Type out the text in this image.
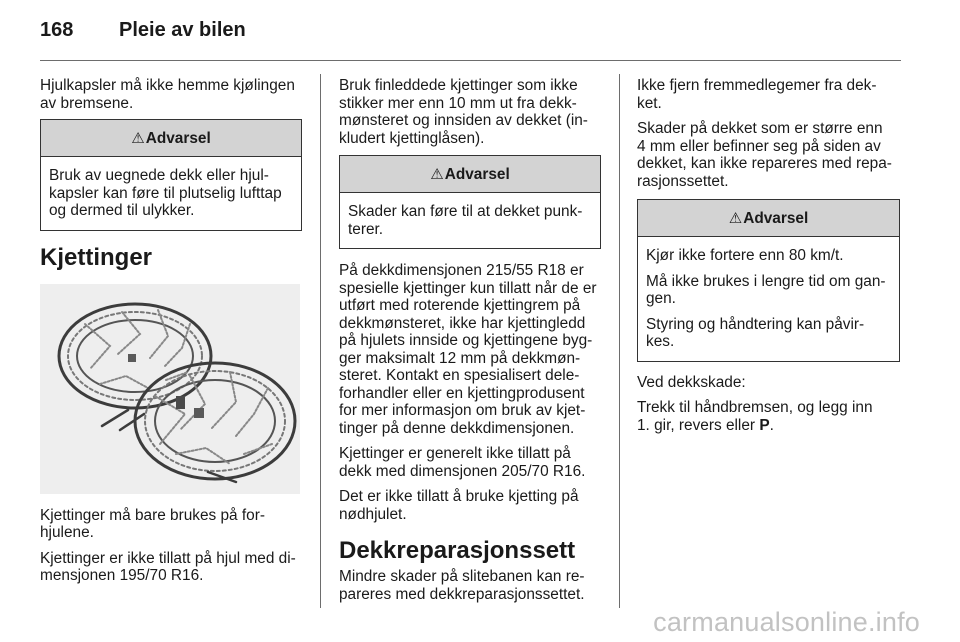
168 Pleie av bilen

Hjulkapsler må ikke hemme kjølingen
av bremsene.

⚠Advarsel

Bruk av uegnede dekk eller hjul-
kapsler kan føre til plutselig lufttap
og dermed til ulykker.

Kjettinger

Kjettinger må bare brukes på for-
hjulene.

Kjettinger er ikke tillatt på hjul med di-
mensjonen 195/70 R16.

Bruk finleddede kjettinger som ikke
stikker mer enn 10 mm ut fra dekk-
mønsteret og innsiden av dekket (in-
kludert kjettinglåsen).

⚠Advarsel

Skader kan føre til at dekket punk-
terer.

På dekkdimensjonen 215/55 R18 er
spesielle kjettinger kun tillatt når de er
utført med roterende kjettingrem på
dekkmønsteret, ikke har kjettingledd
på hjulets innside og kjettingene byg-
ger maksimalt 12 mm på dekkmøn-
steret. Kontakt en spesialisert dele-
forhandler eller en kjettingprodusent
for mer informasjon om bruk av kjet-
tinger på denne dekkdimensjonen.

Kjettinger er generelt ikke tillatt på
dekk med dimensjonen 205/70 R16.

Det er ikke tillatt å bruke kjetting på
nødhjulet.

Dekkreparasjonssett

Mindre skader på slitebanen kan re-
pareres med dekkreparasjonssettet.

Ikke fjern fremmedlegemer fra dek-
ket.

Skader på dekket som er større enn
4 mm eller befinner seg på siden av
dekket, kan ikke repareres med repa-
rasjonssettet.

⚠Advarsel

Kjør ikke fortere enn 80 km/t.

Må ikke brukes i lengre tid om gan-
gen.

Styring og håndtering kan påvir-
kes.

Ved dekkskade:

Trekk til håndbremsen, og legg inn
1. gir, revers eller P.

carmanualsonline.info
